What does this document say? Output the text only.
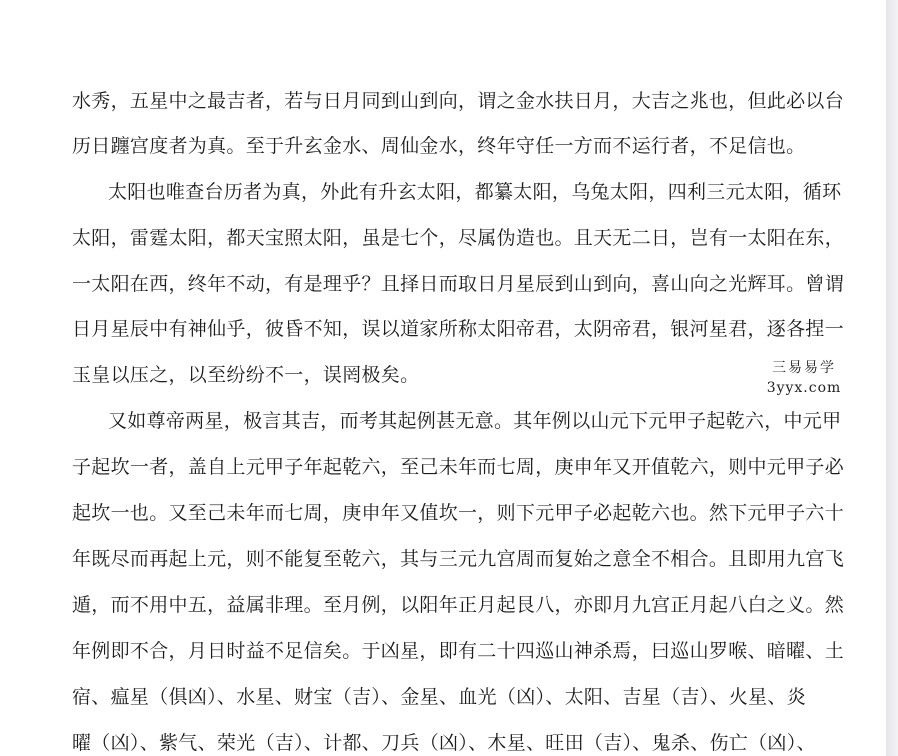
水秀，五星中之最吉者，若与日月同到山到向，谓之金水扶日月，大吉之兆也，但此必以台

历日躔宫度者为真。至于升玄金水、周仙金水，终年守任一方而不运行者，不足信也。

太阳也唯查台历者为真，外此有升玄太阳，都纂太阳，乌兔太阳，四利三元太阳，循环

太阳，雷霆太阳，都天宝照太阳，虽是七个，尽属伪造也。且天无二日，岂有一太阳在东，

一太阳在西，终年不动，有是理乎？且择日而取日月星辰到山到向，喜山向之光辉耳。曾谓

日月星辰中有神仙乎，彼昏不知，误以道家所称太阳帝君，太阴帝君，银河星君，逐各捏一

玉皇以压之，以至纷纷不一，误罔极矣。

又如尊帝两星，极言其吉，而考其起例甚无意。其年例以山元下元甲子起乾六，中元甲

子起坎一者，盖自上元甲子年起乾六，至己未年而七周，庚申年又开值乾六，则中元甲子必

起坎一也。又至己未年而七周，庚申年又值坎一，则下元甲子必起乾六也。然下元甲子六十

年既尽而再起上元，则不能复至乾六，其与三元九宫周而复始之意全不相合。且即用九宫飞

遁，而不用中五，益属非理。至月例，以阳年正月起艮八，亦即月九宫正月起八白之义。然

年例即不合，月日时益不足信矣。于凶星，即有二十四巡山神杀焉，曰巡山罗喉、暗曜、土

宿、瘟星（俱凶）、水星、财宝（吉）、金星、血光（凶）、太阳、吉星（吉）、火星、炎

曜（凶）、紫气、荣光（吉）、计都、刀兵（凶）、木星、旺田（吉）、鬼杀、伤亡（凶）、

三易易学
3yyx.com
